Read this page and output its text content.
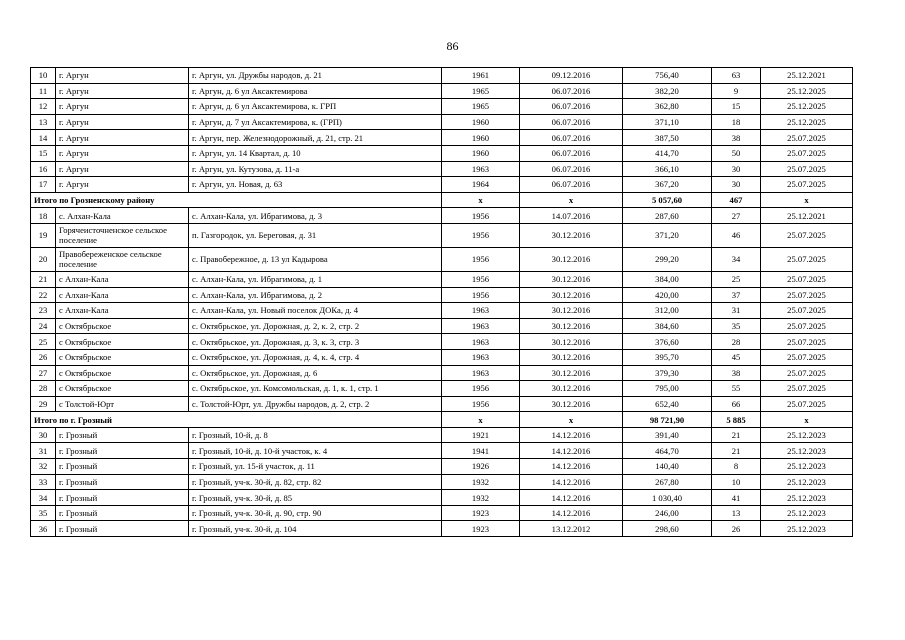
86
10	г. Аргун	г. Аргун, ул. Дружбы народов, д. 21	1961	09.12.2016	756,40	63	25.12.2021
11	г. Аргун	г. Аргун, д. 6 ул Аксактемирова	1965	06.07.2016	382,20	9	25.12.2025
12	г. Аргун	г. Аргун, д. 6 ул Аксактемирова, к. ГРП	1965	06.07.2016	362,80	15	25.12.2025
13	г. Аргун	г. Аргун, д. 7 ул Аксактемирова, к. (ГРП)	1960	06.07.2016	371,10	18	25.12.2025
14	г. Аргун	г. Аргун, пер. Железнодорожный, д. 21, стр. 21	1960	06.07.2016	387,50	38	25.07.2025
15	г. Аргун	г. Аргун, ул. 14 Квартал, д. 10	1960	06.07.2016	414,70	50	25.07.2025
16	г. Аргун	г. Аргун, ул. Кутузова, д. 11-а	1963	06.07.2016	366,10	30	25.07.2025
17	г. Аргун	г. Аргун, ул. Новая, д. 63	1964	06.07.2016	367,20	30	25.07.2025
Итого по Грозненскому району			х	х	5 057,60	467	х
18	с. Алхан-Кала	с. Алхан-Кала, ул. Ибрагимова, д. 3	1956	14.07.2016	287,60	27	25.12.2021
19	Горячеисточненское сельское поселение	п. Газгородок, ул. Береговая, д. 31	1956	30.12.2016	371,20	46	25.07.2025
20	Правобереженское сельское поселение	с. Правобережное, д. 13 ул Кадырова	1956	30.12.2016	299,20	34	25.07.2025
21	с Алхан-Кала	с. Алхан-Кала, ул. Ибрагимова, д. 1	1956	30.12.2016	384,00	25	25.07.2025
22	с Алхан-Кала	с. Алхан-Кала, ул. Ибрагимова, д. 2	1956	30.12.2016	420,00	37	25.07.2025
23	с Алхан-Кала	с. Алхан-Кала, ул. Новый поселок ДОКа, д. 4	1963	30.12.2016	312,00	31	25.07.2025
24	с Октябрьское	с. Октябрьское, ул. Дорожная, д. 2, к. 2, стр. 2	1963	30.12.2016	384,60	35	25.07.2025
25	с Октябрьское	с. Октябрьское, ул. Дорожная, д. 3, к. 3, стр. 3	1963	30.12.2016	376,60	28	25.07.2025
26	с Октябрьское	с. Октябрьское, ул. Дорожная, д. 4, к. 4, стр. 4	1963	30.12.2016	395,70	45	25.07.2025
27	с Октябрьское	с. Октябрьское, ул. Дорожная, д. 6	1963	30.12.2016	379,30	38	25.07.2025
28	с Октябрьское	с. Октябрьское, ул. Комсомольская, д. 1, к. 1, стр. 1	1956	30.12.2016	795,00	55	25.07.2025
29	с Толстой-Юрт	с. Толстой-Юрт, ул. Дружбы народов, д. 2, стр. 2	1956	30.12.2016	652,40	66	25.07.2025
Итого по г. Грозный			х	х	98 721,90	5 885	х
30	г. Грозный	г. Грозный, 10-й, д. 8	1921	14.12.2016	391,40	21	25.12.2023
31	г. Грозный	г. Грозный, 10-й, д. 10-й участок, к. 4	1941	14.12.2016	464,70	21	25.12.2023
32	г. Грозный	г. Грозный, ул. 15-й участок, д. 11	1926	14.12.2016	140,40	8	25.12.2023
33	г. Грозный	г. Грозный, уч-к. 30-й, д. 82, стр. 82	1932	14.12.2016	267,80	10	25.12.2023
34	г. Грозный	г. Грозный, уч-к. 30-й, д. 85	1932	14.12.2016	1 030,40	41	25.12.2023
35	г. Грозный	г. Грозный, уч-к. 30-й, д. 90, стр. 90	1923	14.12.2016	246,00	13	25.12.2023
36	г. Грозный	г. Грозный, уч-к. 30-й, д. 104	1923	13.12.2012	298,60	26	25.12.2023
